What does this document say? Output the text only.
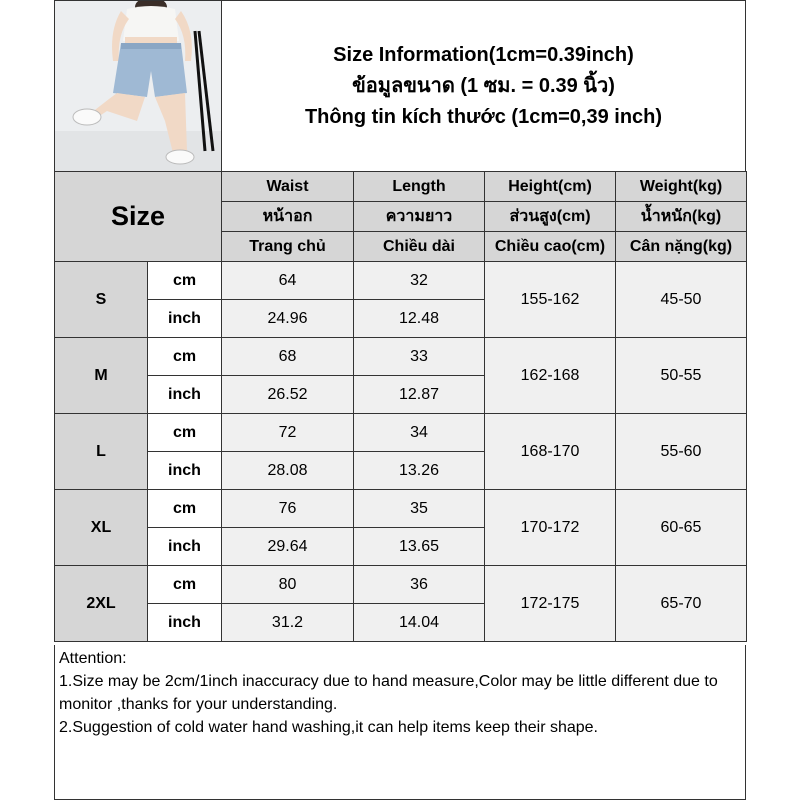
Size Information(1cm=0.39inch)
ข้อมูลขนาด (1 ซม. = 0.39 นิ้ว)
Thông tin kích thước (1cm=0,39 inch)
Size		Waist	Length	Height(cm)	Weight(kg)
		หน้าอก	ความยาว	ส่วนสูง(cm)	น้ำหนัก(kg)
		Trang chủ	Chiều dài	Chiều cao(cm)	Cân nặng(kg)
S	cm	64	32	155-162	45-50
	inch	24.96	12.48		
M	cm	68	33	162-168	50-55
	inch	26.52	12.87		
L	cm	72	34	168-170	55-60
	inch	28.08	13.26		
XL	cm	76	35	170-172	60-65
	inch	29.64	13.65		
2XL	cm	80	36	172-175	65-70
	inch	31.2	14.04		
Attention:
1.Size may be 2cm/1inch inaccuracy due to hand measure,Color may be little different due to monitor ,thanks for your understanding.
2.Suggestion of cold water hand washing,it can help items keep their shape.
